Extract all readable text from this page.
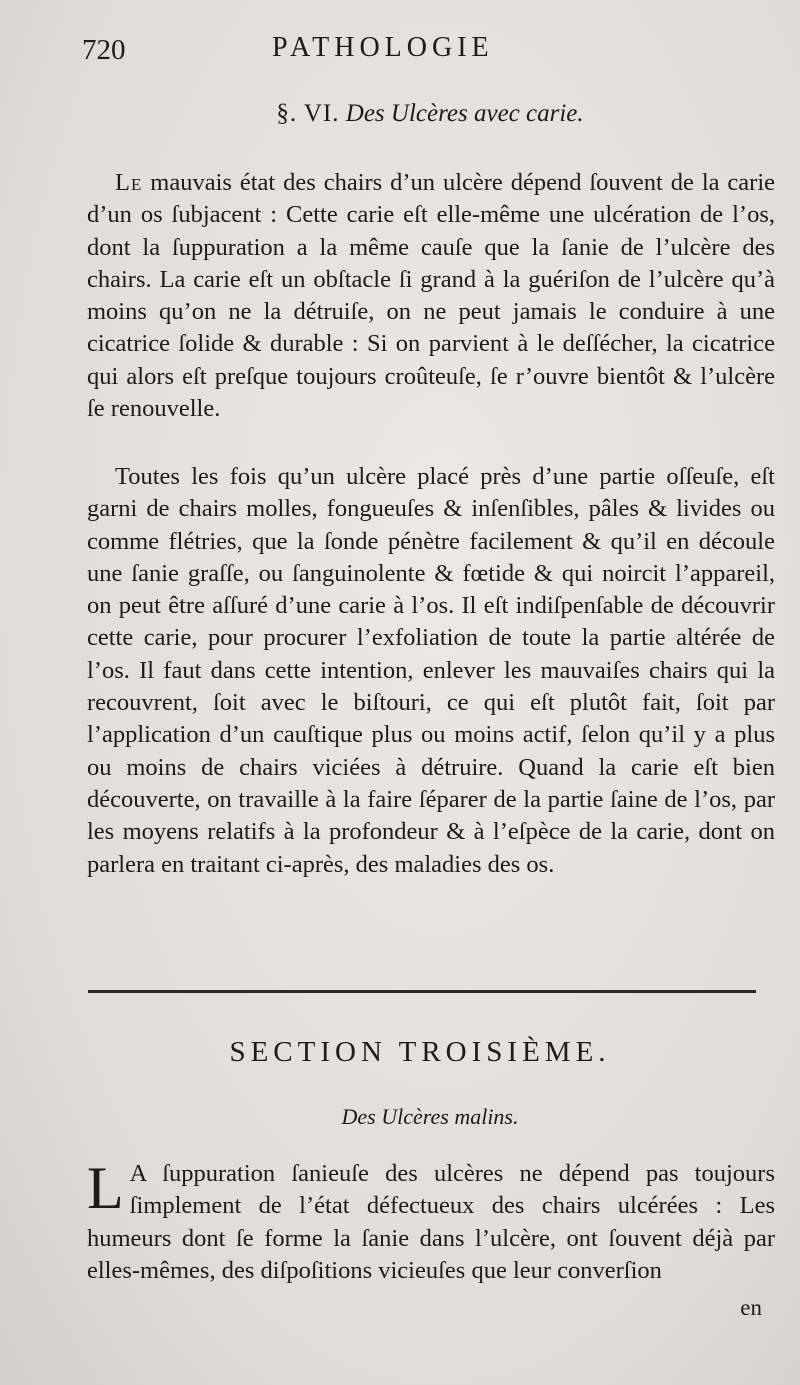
720	PATHOLOGIE
§. VI. Des Ulcères avec carie.

Le mauvais état des chairs d’un ulcère dépend ſouvent de la carie d’un os ſubjacent : Cette carie eſt elle-même une ulcération de l’os, dont la ſuppuration a la même cauſe que la ſanie de l’ulcère des chairs. La carie eſt un obſtacle ſi grand à la guériſon de l’ulcère qu’à moins qu’on ne la détruiſe, on ne peut jamais le conduire à une cicatrice ſolide & durable : Si on parvient à le deſſécher, la cicatrice qui alors eſt preſque toujours croûteuſe, ſe r’ouvre bientôt & l’ulcère ſe renouvelle.

Toutes les fois qu’un ulcère placé près d’une partie oſſeuſe, eſt garni de chairs molles, fongueuſes & inſenſibles, pâles & livides ou comme flétries, que la ſonde pénètre facilement & qu’il en découle une ſanie graſſe, ou ſanguinolente & fœtide & qui noircit l’appareil, on peut être aſſuré d’une carie à l’os. Il eſt indiſpenſable de découvrir cette carie, pour procurer l’exfoliation de toute la partie altérée de l’os. Il faut dans cette intention, enlever les mauvaiſes chairs qui la recouvrent, ſoit avec le biſtouri, ce qui eſt plutôt fait, ſoit par l’application d’un cauſtique plus ou moins actif, ſelon qu’il y a plus ou moins de chairs viciées à détruire. Quand la carie eſt bien découverte, on travaille à la faire ſéparer de la partie ſaine de l’os, par les moyens relatifs à la profondeur & à l’eſpèce de la carie, dont on parlera en traitant ci-après, des maladies des os.

SECTION TROISIÈME.
Des Ulcères malins.
L A ſuppuration ſanieuſe des ulcères ne dépend pas toujours ſimplement de l’état défectueux des chairs ulcérées : Les humeurs dont ſe forme la ſanie dans l’ulcère, ont ſouvent déjà par elles-mêmes, des diſpoſitions vicieuſes que leur converſion
en
